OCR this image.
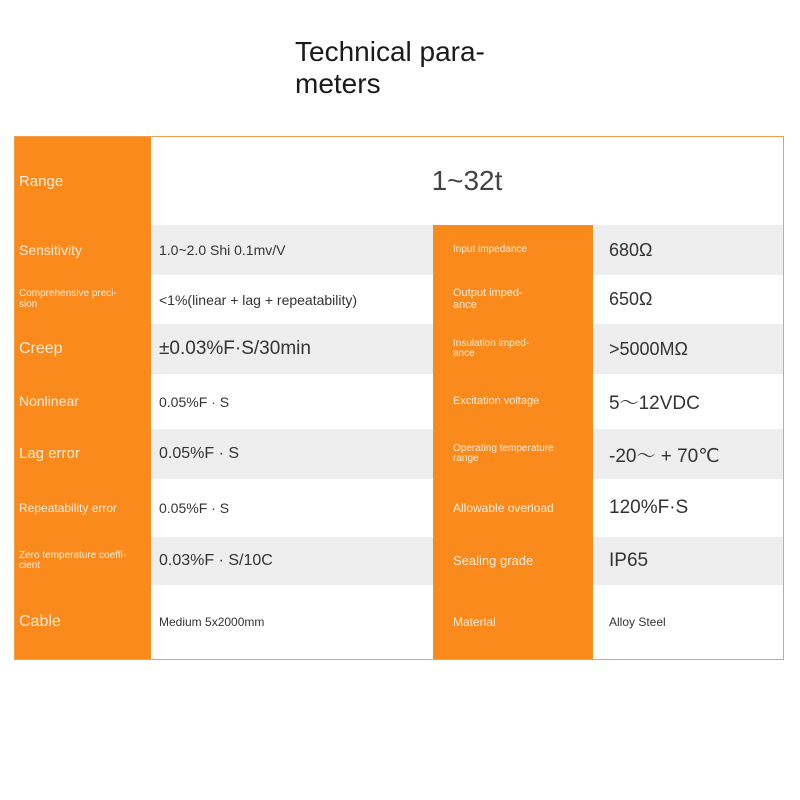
Technical para-
meters
Range	1~32t
Sensitivity	1.0~2.0 Shi 0.1mv/V	Input impedance	680Ω
Comprehensive preci-
sion	<1%(linear + lag + repeatability)	Output imped-
ance	650Ω
Creep	±0.03%F·S/30min	Insulation imped-
ance	>5000MΩ
Nonlinear	0.05%F · S	Excitation voltage	5～12VDC
Lag error	0.05%F · S	Operating temperature
range	-20～ + 70℃
Repeatability error	0.05%F · S	Allowable overload	120%F·S
Zero temperature coeffi-
cient	0.03%F · S/10C	Sealing grade	IP65
Cable	Medium 5x2000mm	Material	Alloy Steel
